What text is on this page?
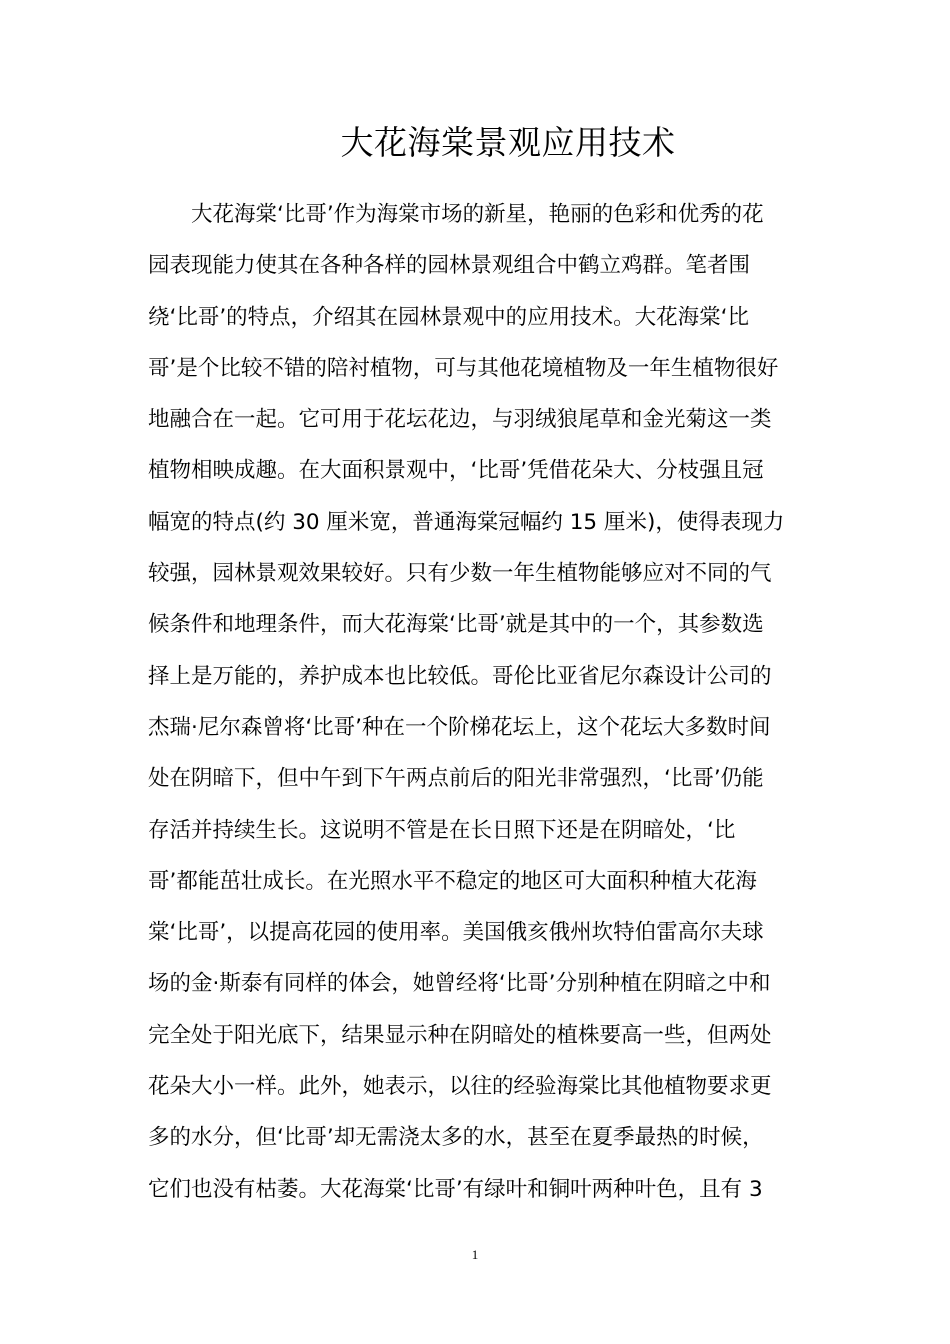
大花海棠景观应用技术
　　大花海棠‘比哥’作为海棠市场的新星，艳丽的色彩和优秀的花
园表现能力使其在各种各样的园林景观组合中鹤立鸡群。笔者围
绕‘比哥’的特点，介绍其在园林景观中的应用技术。大花海棠‘比
哥’是个比较不错的陪衬植物，可与其他花境植物及一年生植物很好
地融合在一起。它可用于花坛花边，与羽绒狼尾草和金光菊这一类
植物相映成趣。在大面积景观中，‘比哥’凭借花朵大、分枝强且冠
幅宽的特点(约 30 厘米宽，普通海棠冠幅约 15 厘米)，使得表现力
较强，园林景观效果较好。只有少数一年生植物能够应对不同的气
候条件和地理条件，而大花海棠‘比哥’就是其中的一个，其参数选
择上是万能的，养护成本也比较低。哥伦比亚省尼尔森设计公司的
杰瑞·尼尔森曾将‘比哥’种在一个阶梯花坛上，这个花坛大多数时间
处在阴暗下，但中午到下午两点前后的阳光非常强烈，‘比哥’仍能
存活并持续生长。这说明不管是在长日照下还是在阴暗处，‘比
哥’都能茁壮成长。在光照水平不稳定的地区可大面积种植大花海
棠‘比哥’，以提高花园的使用率。美国俄亥俄州坎特伯雷高尔夫球
场的金·斯泰有同样的体会，她曾经将‘比哥’分别种植在阴暗之中和
完全处于阳光底下，结果显示种在阴暗处的植株要高一些，但两处
花朵大小一样。此外，她表示，以往的经验海棠比其他植物要求更
多的水分，但‘比哥’却无需浇太多的水，甚至在夏季最热的时候，
它们也没有枯萎。大花海棠‘比哥’有绿叶和铜叶两种叶色，且有 3
1
